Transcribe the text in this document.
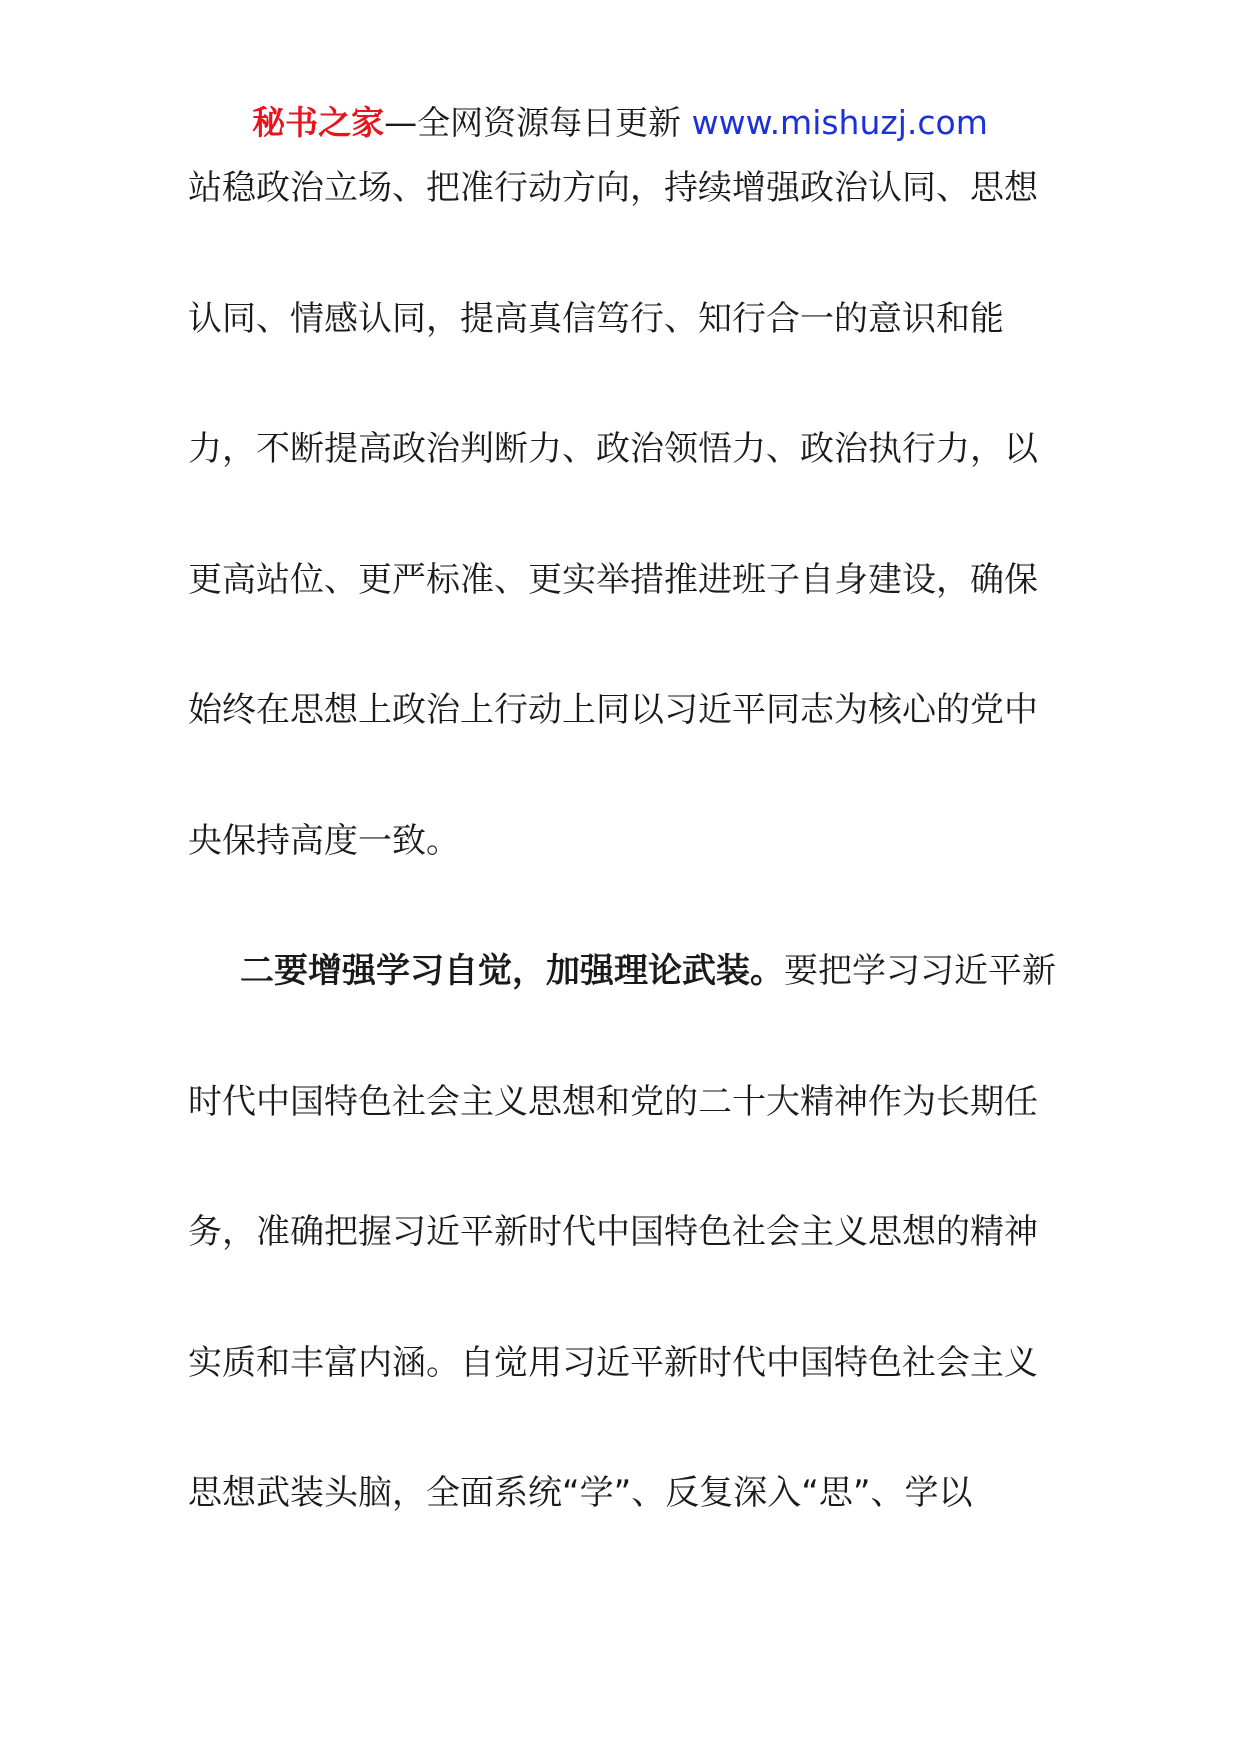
秘书之家—全网资源每日更新 www.mishuzj.com
站稳政治立场、把准行动方向，持续增强政治认同、思想
认同、情感认同，提高真信笃行、知行合一的意识和能
力，不断提高政治判断力、政治领悟力、政治执行力，以
更高站位、更严标准、更实举措推进班子自身建设，确保
始终在思想上政治上行动上同以习近平同志为核心的党中
央保持高度一致。
二要增强学习自觉，加强理论武装。要把学习习近平新
时代中国特色社会主义思想和党的二十大精神作为长期任
务，准确把握习近平新时代中国特色社会主义思想的精神
实质和丰富内涵。自觉用习近平新时代中国特色社会主义
思想武装头脑，全面系统“学”、反复深入“思”、学以
